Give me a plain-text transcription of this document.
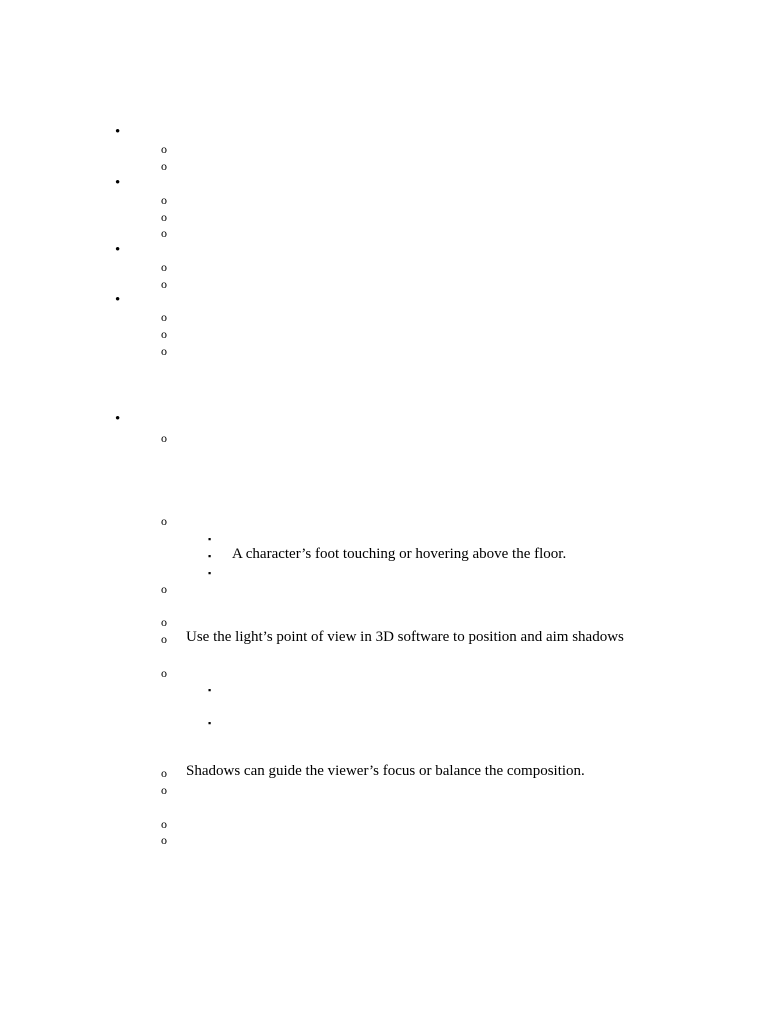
•
o
o
•
o
o
o
•
o
o
•
o
o
o
•
o
o
▪
▪ A character’s foot touching or hovering above the floor.
▪
o
o
o Use the light’s point of view in 3D software to position and aim shadows
o
▪
▪
o Shadows can guide the viewer’s focus or balance the composition.
o
o
o
